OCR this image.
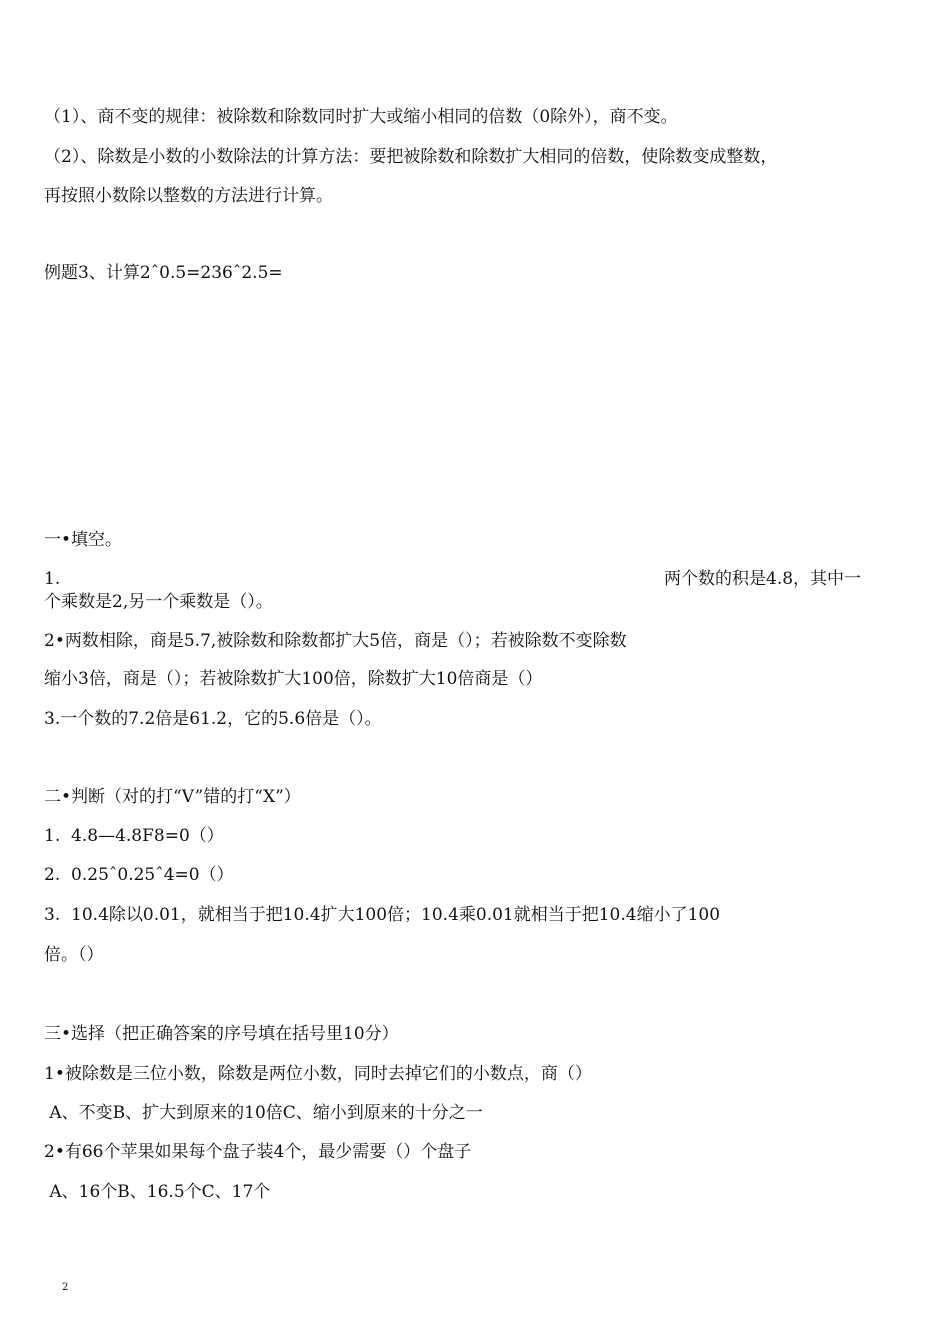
（1）、商不变的规律：被除数和除数同时扩大或缩小相同的倍数（0除外），商不变。
（2）、除数是小数的小数除法的计算方法：要把被除数和除数扩大相同的倍数，使除数变成整数，
再按照小数除以整数的方法进行计算。
例题3、计算2ˆ0.5=236ˆ2.5=
一•填空。
1.	两个数的积是4.8，其中一
个乘数是2,另一个乘数是（）。
2•两数相除，商是5.7,被除数和除数都扩大5倍，商是（）；若被除数不变除数
缩小3倍，商是（）；若被除数扩大100倍，除数扩大10倍商是（）
3.一个数的7.2倍是61.2，它的5.6倍是（）。
二•判断（对的打“V”错的打“X”）
1.  4.8—4.8F8=0（）
2.  0.25ˆ0.25ˆ4=0（）
3.  10.4除以0.01，就相当于把10.4扩大100倍；10.4乘0.01就相当于把10.4缩小了100
倍。（）
三•选择（把正确答案的序号填在括号里10分）
1•被除数是三位小数，除数是两位小数，同时去掉它们的小数点，商（）
A、不变B、扩大到原来的10倍C、缩小到原来的十分之一
2•有66个苹果如果每个盘子装4个，最少需要（）个盘子
A、16个B、16.5个C、17个
2
